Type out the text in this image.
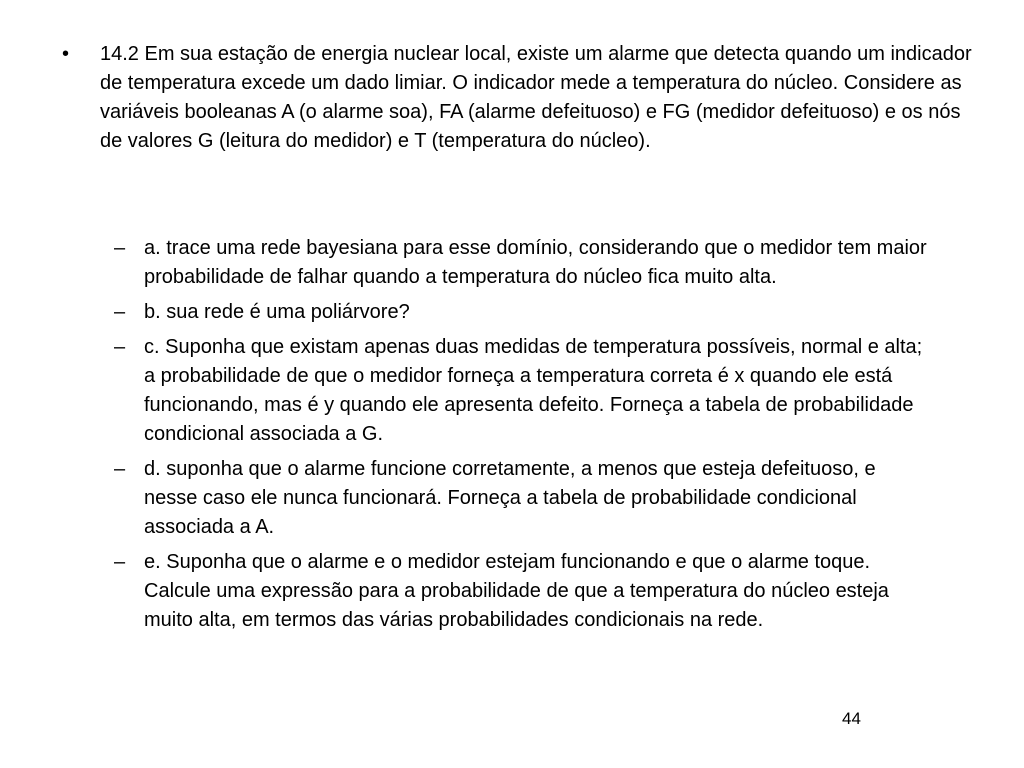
•	14.2 Em sua estação de energia nuclear local, existe um alarme que detecta quando um indicador de temperatura excede um dado limiar. O indicador mede a temperatura do núcleo. Considere as variáveis booleanas A (o alarme soa), FA (alarme defeituoso) e FG (medidor defeituoso) e os nós de valores G (leitura do medidor) e T (temperatura do núcleo).
– a. trace uma rede bayesiana para esse domínio, considerando que o medidor tem maior probabilidade de falhar quando a temperatura do núcleo fica muito alta.
– b. sua rede é uma poliárvore?
– c. Suponha que existam apenas duas medidas de temperatura possíveis, normal e alta; a probabilidade de que o medidor forneça a temperatura correta é x quando ele está funcionando, mas é y quando ele apresenta defeito. Forneça a tabela de probabilidade condicional associada a G.
– d. suponha que o alarme funcione corretamente, a menos que esteja defeituoso, e nesse caso ele nunca funcionará. Forneça a tabela de probabilidade condicional associada a A.
– e. Suponha que o alarme e o medidor estejam funcionando e que o alarme toque. Calcule uma expressão para a probabilidade de que a temperatura do núcleo esteja muito alta, em termos das várias probabilidades condicionais na rede.
44
